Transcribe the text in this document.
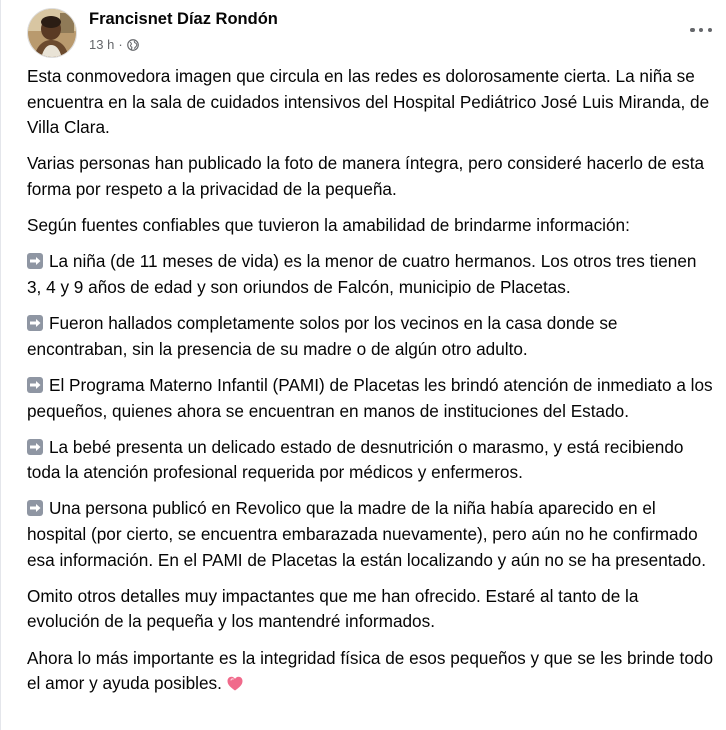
Francisnet Díaz Rondón
13 h ·

Esta conmovedora imagen que circula en las redes es dolorosamente cierta. La niña se encuentra en la sala de cuidados intensivos del Hospital Pediátrico José Luis Miranda, de Villa Clara.

Varias personas han publicado la foto de manera íntegra, pero consideré hacerlo de esta forma por respeto a la privacidad de la pequeña.

Según fuentes confiables que tuvieron la amabilidad de brindarme información:

La niña (de 11 meses de vida) es la menor de cuatro hermanos. Los otros tres tienen 3, 4 y 9 años de edad y son oriundos de Falcón, municipio de Placetas.

Fueron hallados completamente solos por los vecinos en la casa donde se encontraban, sin la presencia de su madre o de algún otro adulto.

El Programa Materno Infantil (PAMI) de Placetas les brindó atención de inmediato a los pequeños, quienes ahora se encuentran en manos de instituciones del Estado.

La bebé presenta un delicado estado de desnutrición o marasmo, y está recibiendo toda la atención profesional requerida por médicos y enfermeros.

Una persona publicó en Revolico que la madre de la niña había aparecido en el hospital (por cierto, se encuentra embarazada nuevamente), pero aún no he confirmado esa información. En el PAMI de Placetas la están localizando y aún no se ha presentado.

Omito otros detalles muy impactantes que me han ofrecido. Estaré al tanto de la evolución de la pequeña y los mantendré informados.

Ahora lo más importante es la integridad física de esos pequeños y que se les brinde todo el amor y ayuda posibles.
